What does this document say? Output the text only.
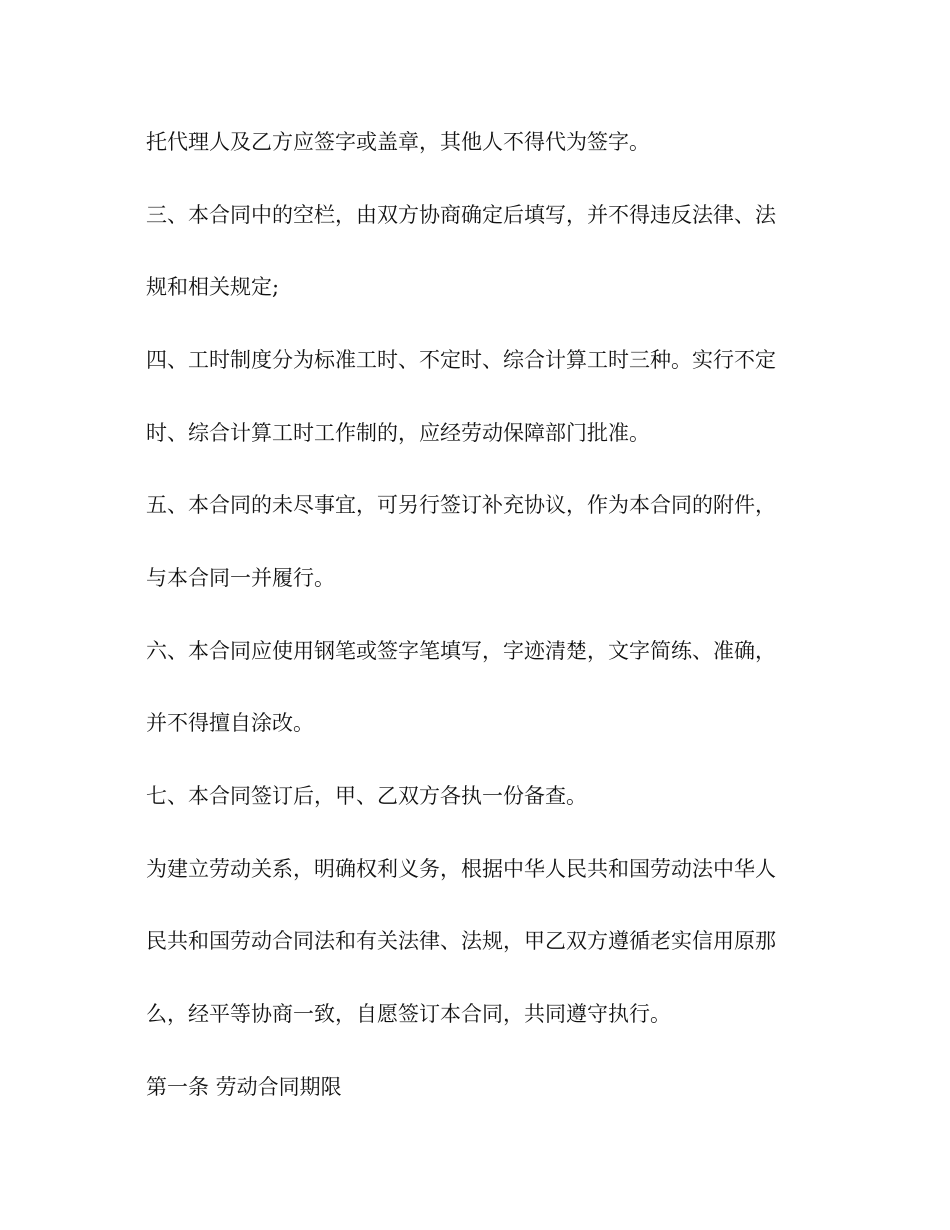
托代理人及乙方应签字或盖章，其他人不得代为签字。

三、本合同中的空栏，由双方协商确定后填写，并不得违反法律、法

规和相关规定;

四、工时制度分为标准工时、不定时、综合计算工时三种。实行不定

时、综合计算工时工作制的，应经劳动保障部门批准。

五、本合同的未尽事宜，可另行签订补充协议，作为本合同的附件，

与本合同一并履行。

六、本合同应使用钢笔或签字笔填写，字迹清楚，文字简练、准确，

并不得擅自涂改。

七、本合同签订后，甲、乙双方各执一份备查。

为建立劳动关系，明确权利义务，根据中华人民共和国劳动法中华人

民共和国劳动合同法和有关法律、法规，甲乙双方遵循老实信用原那

么，经平等协商一致，自愿签订本合同，共同遵守执行。

第一条 劳动合同期限
